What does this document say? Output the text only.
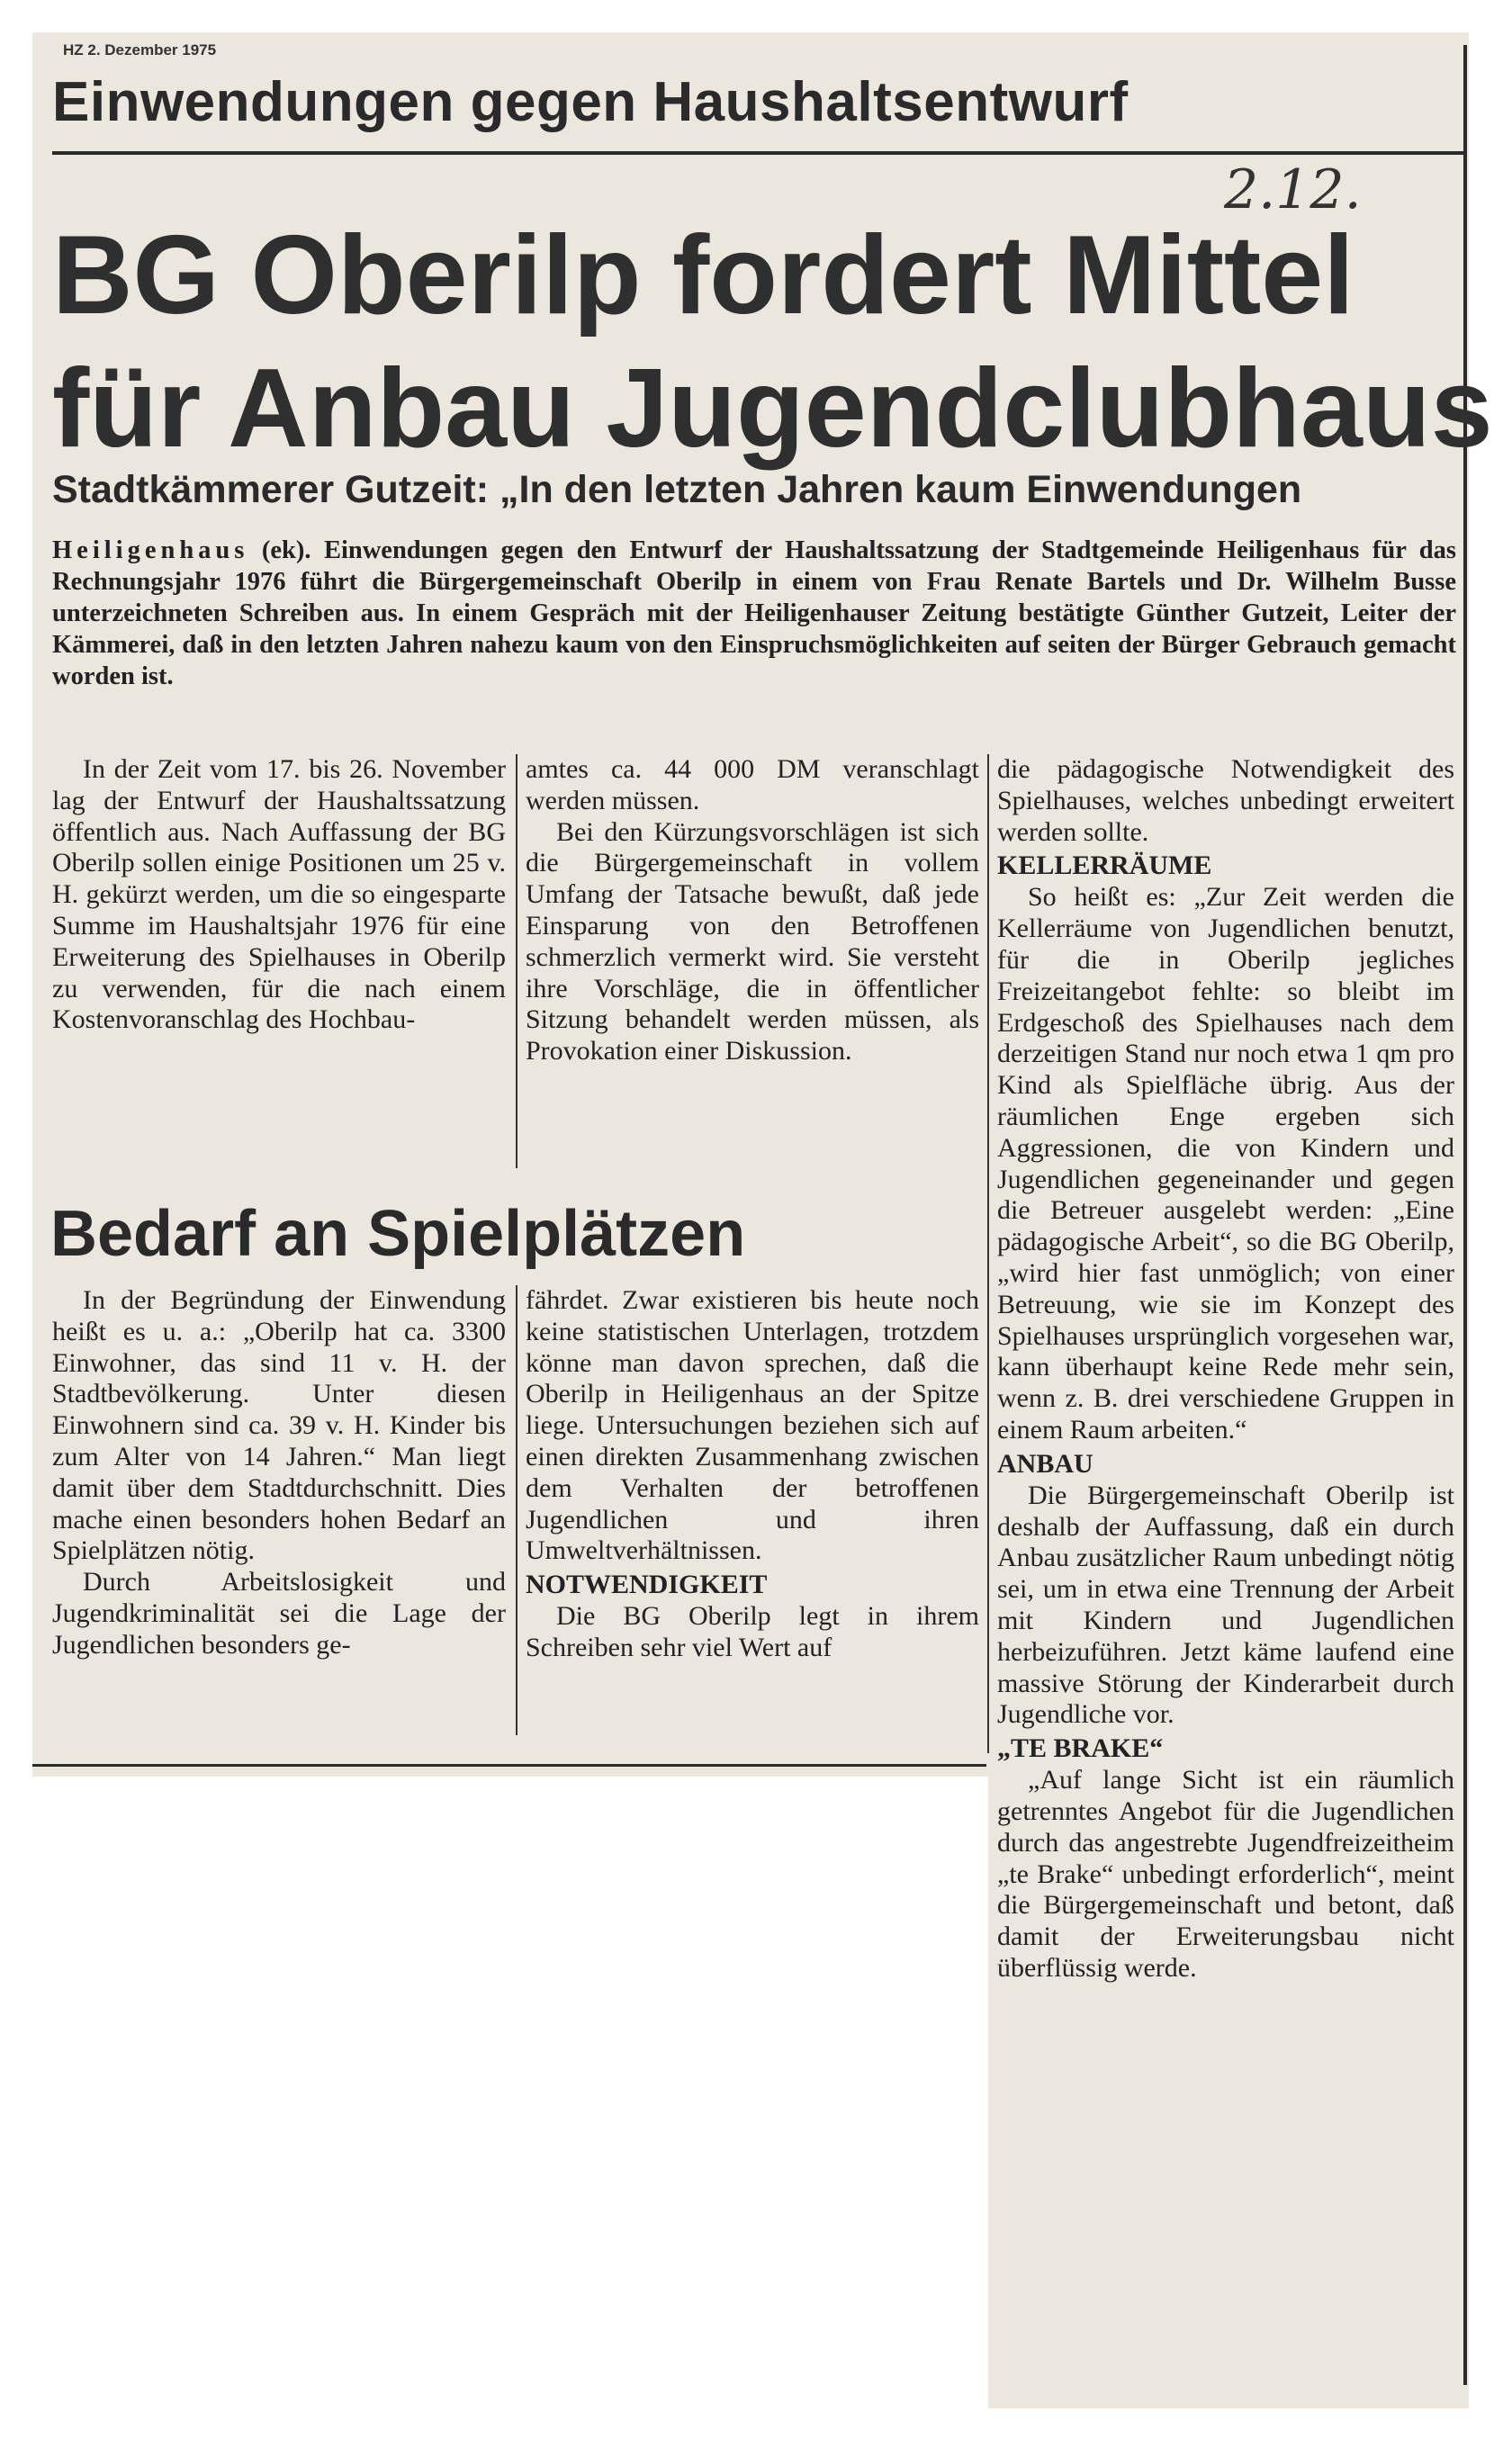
HZ 2. Dezember 1975
Einwendungen gegen Haushaltsentwurf
2.12.
BG Oberilp fordert Mittel
für Anbau Jugendclubhaus
Stadtkämmerer Gutzeit: „In den letzten Jahren kaum Einwendungen
Heiligenhaus (ek). Einwendungen gegen den Entwurf der Haushaltssatzung der Stadtgemeinde Heiligenhaus für das Rechnungsjahr 1976 führt die Bürgergemeinschaft Oberilp in einem von Frau Renate Bartels und Dr. Wilhelm Busse unterzeichneten Schreiben aus. In einem Gespräch mit der Heiligenhauser Zeitung bestätigte Günther Gutzeit, Leiter der Kämmerei, daß in den letzten Jahren nahezu kaum von den Einspruchsmöglichkeiten auf seiten der Bürger Gebrauch gemacht worden ist.

In der Zeit vom 17. bis 26. November lag der Entwurf der Haushaltssatzung öffentlich aus. Nach Auffassung der BG Oberilp sollen einige Positionen um 25 v. H. gekürzt werden, um die so eingesparte Summe im Haushaltsjahr 1976 für eine Erweiterung des Spielhauses in Oberilp zu verwenden, für die nach einem Kostenvoranschlag des Hochbau-

amtes ca. 44 000 DM veranschlagt werden müssen.

Bei den Kürzungsvorschlägen ist sich die Bürgergemeinschaft in vollem Umfang der Tatsache bewußt, daß jede Einsparung von den Betroffenen schmerzlich vermerkt wird. Sie versteht ihre Vorschläge, die in öffentlicher Sitzung behandelt werden müssen, als Provokation einer Diskussion.

Bedarf an Spielplätzen

In der Begründung der Einwendung heißt es u. a.: „Oberilp hat ca. 3300 Einwohner, das sind 11 v. H. der Stadtbevölkerung. Unter diesen Einwohnern sind ca. 39 v. H. Kinder bis zum Alter von 14 Jahren.“ Man liegt damit über dem Stadtdurchschnitt. Dies mache einen besonders hohen Bedarf an Spielplätzen nötig.

Durch Arbeitslosigkeit und Jugendkriminalität sei die Lage der Jugendlichen besonders ge-

fährdet. Zwar existieren bis heute noch keine statistischen Unterlagen, trotzdem könne man davon sprechen, daß die Oberilp in Heiligenhaus an der Spitze liege. Untersuchungen beziehen sich auf einen direkten Zusammenhang zwischen dem Verhalten der betroffenen Jugendlichen und ihren Umweltverhältnissen.

NOTWENDIGKEIT

Die BG Oberilp legt in ihrem Schreiben sehr viel Wert auf

die pädagogische Notwendigkeit des Spielhauses, welches unbedingt erweitert werden sollte.

KELLERRÄUME

So heißt es: „Zur Zeit werden die Kellerräume von Jugendlichen benutzt, für die in Oberilp jegliches Freizeitangebot fehlte: so bleibt im Erdgeschoß des Spielhauses nach dem derzeitigen Stand nur noch etwa 1 qm pro Kind als Spielfläche übrig. Aus der räumlichen Enge ergeben sich Aggressionen, die von Kindern und Jugendlichen gegeneinander und gegen die Betreuer ausgelebt werden: „Eine pädagogische Arbeit“, so die BG Oberilp, „wird hier fast unmöglich; von einer Betreuung, wie sie im Konzept des Spielhauses ursprünglich vorgesehen war, kann überhaupt keine Rede mehr sein, wenn z. B. drei verschiedene Gruppen in einem Raum arbeiten.“

ANBAU

Die Bürgergemeinschaft Oberilp ist deshalb der Auffassung, daß ein durch Anbau zusätzlicher Raum unbedingt nötig sei, um in etwa eine Trennung der Arbeit mit Kindern und Jugendlichen herbeizuführen. Jetzt käme laufend eine massive Störung der Kinderarbeit durch Jugendliche vor.

„TE BRAKE“

„Auf lange Sicht ist ein räumlich getrenntes Angebot für die Jugendlichen durch das angestrebte Jugendfreizeitheim „te Brake“ unbedingt erforderlich“, meint die Bürgergemeinschaft und betont, daß damit der Erweiterungsbau nicht überflüssig werde.
